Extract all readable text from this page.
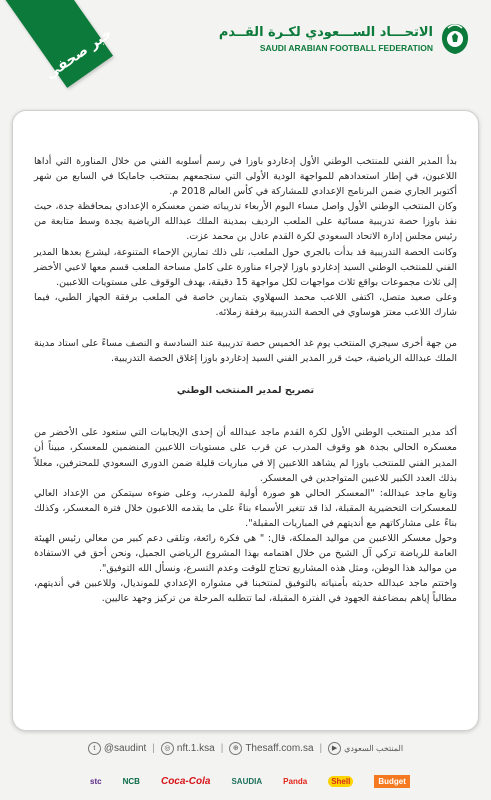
خبر صحفي	الاتحـــاد الســـعودي لكـرة القــدم
SAUDI ARABIAN FOOTBALL FEDERATION

بدأ المدير الفني للمنتخب الوطني الأول إدغاردو باوزا في رسم أسلوبه الفني من خلال المناورة التي أداها اللاعبون، في إطار استعدادهم للمواجهة الودية الأولى التي ستجمعهم بمنتخب جامايكا في السابع من شهر أكتوبر الجاري ضمن البرنامج الإعدادي للمشاركة في كأس العالم 2018 م.

وكان المنتخب الوطني الأول واصل مساء اليوم الأربعاء تدريباته ضمن معسكره الإعدادي بمحافظة جدة، حيث نفذ باوزا حصة تدريبية مسائية على الملعب الرديف بمدينة الملك عبدالله الرياضية بجدة وسط متابعة من رئيس مجلس إدارة الاتحاد السعودي لكرة القدم عادل بن محمد عزت.

وكانت الحصة التدريبية قد بدأت بالجري حول الملعب، تلى ذلك تمارين الإحماء المتنوعة، ليشرع بعدها المدير الفني للمنتخب الوطني السيد إدغاردو باوزا لإجراء مناورة على كامل مساحة الملعب قسم معها لاعبي الأخضر إلى ثلاث مجموعات بواقع ثلاث مواجهات لكل مواجهة 15 دقيقة، بهدف الوقوف على مستويات اللاعبين.

وعلى صعيد متصل، اكتفى اللاعب محمد السهلاوي بتمارين خاصة في الملعب برفقة الجهاز الطبي، فيما شارك اللاعب معتز هوساوي في الحصة التدريبية برفقة زملائه.

من جهة أخرى سيجري المنتخب يوم غد الخميس حصة تدريبية عند السادسة و النصف مساءً على استاد مدينة الملك عبدالله الرياضية، حيث قرر المدير الفني السيد إدغاردو باوزا إغلاق الحصة التدريبية.

تصريح لمدير المنتخب الوطني

أكد مدير المنتخب الوطني الأول لكرة القدم ماجد عبدالله أن إحدى الإيجابيات التي ستعود على الأخضر من معسكره الحالي بجدة هو وقوف المدرب عن قرب على مستويات اللاعبين المنضمين للمعسكر، مبيناً أن المدير الفني للمنتخب باوزا لم يشاهد اللاعبين إلا في مباريات قليلة ضمن الدوري السعودي للمحترفين، معللاً بذلك العدد الكبير للاعبين المتواجدين في المعسكر.

وتابع ماجد عبدالله: "المعسكر الحالي هو صورة أولية للمدرب، وعلى ضوءه سيتمكن من الإعداد العالي للمعسكرات التحضيرية المقبلة، لذا قد تتغير الأسماء بناءً على ما يقدمه اللاعبون خلال فترة المعسكر، وكذلك بناءً على مشاركاتهم مع أنديتهم في المباريات المقبلة".

وحول معسكر اللاعبين من مواليد المملكة، قال: " هي فكرة رائعة، وتلقى دعم كبير من معالي رئيس الهيئة العامة للرياضة تركي آل الشيخ من خلال اهتمامه بهذا المشروع الرياضي الجميل، ونحن أحق في الاستفادة من مواليد هذا الوطن، ومثل هذه المشاريع تحتاج للوقت وعدم التسرع، ونسأل الله التوفيق".

واختتم ماجد عبدالله حديثه بأمنياته بالتوفيق لمنتخبنا في مشواره الإعدادي للمونديال، وللاعبين في أنديتهم، مطالباً إياهم بمضاعفة الجهود في الفترة المقبلة، لما تتطلبه المرحلة من تركيز وجهد عاليين.

t @saudint |	◎ nft.1.ksa |	⊕ Thesaff.com.sa |	▶ المنتخب السعودي
stc	NCB Coca-Cola	SAUDIA	Panda	Shell	Budget
